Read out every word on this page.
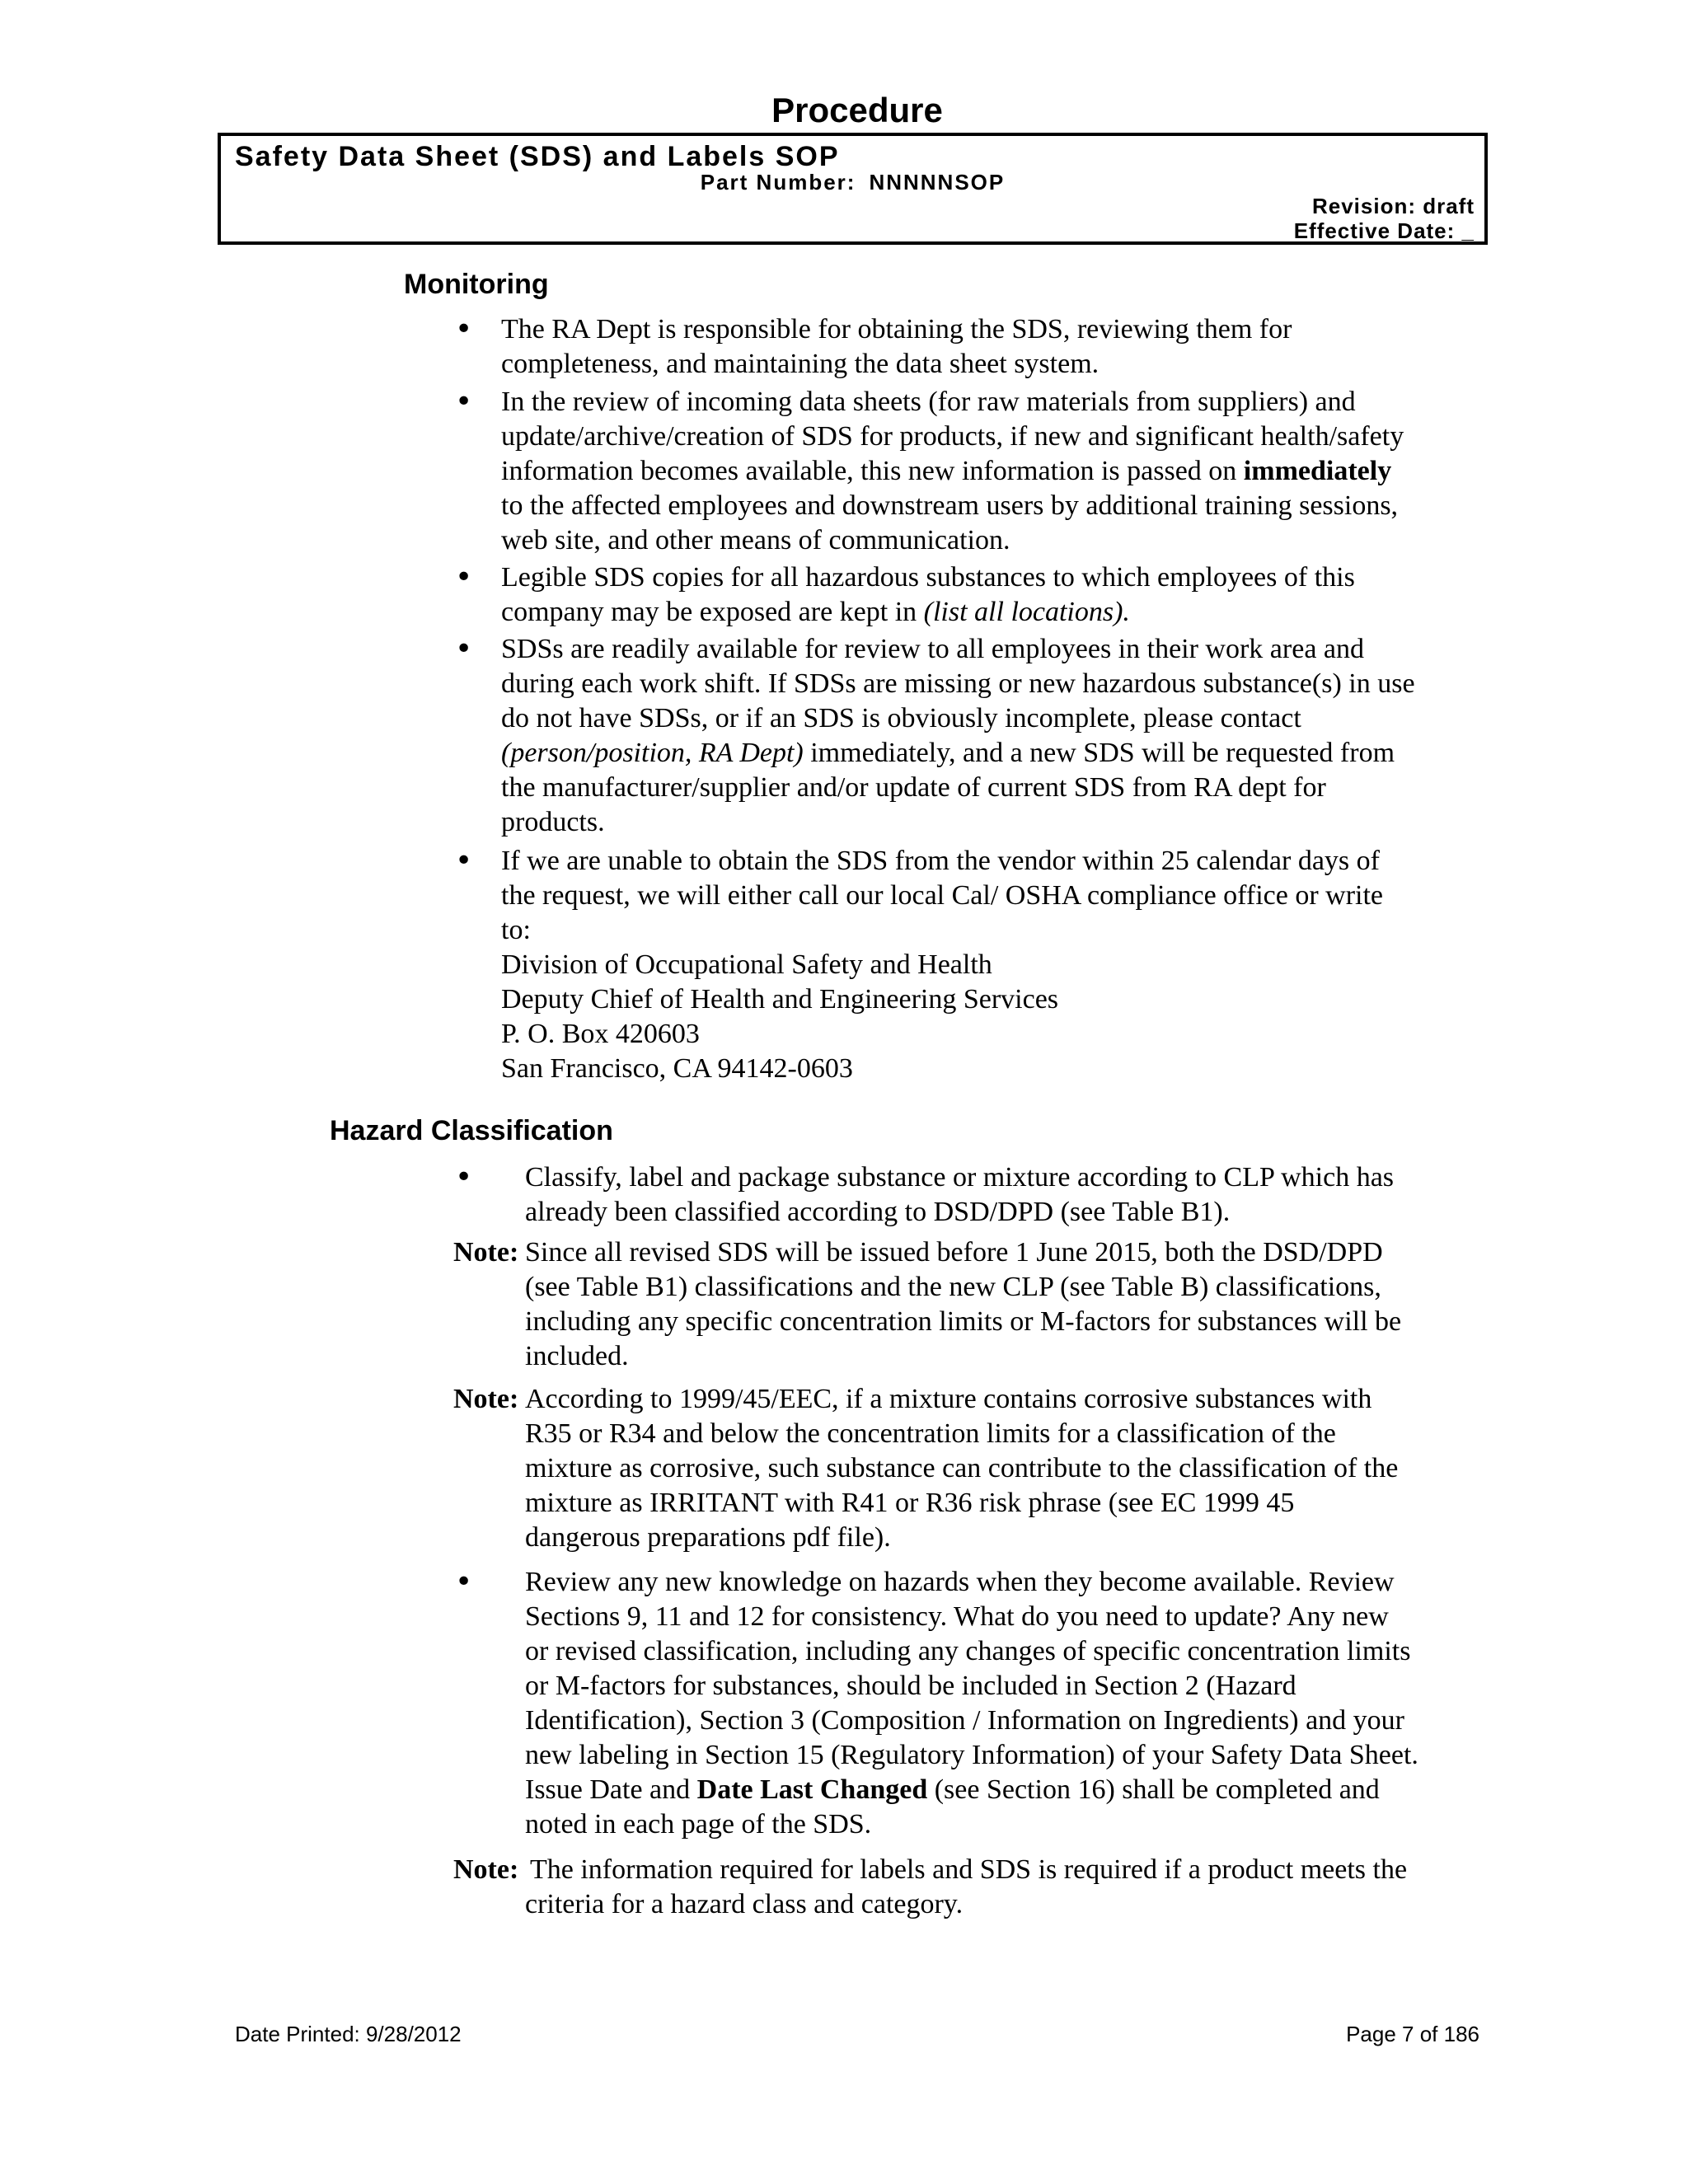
Procedure
Safety Data Sheet (SDS) and Labels SOP
Part Number: NNNNNSOP
Revision: draft
Effective Date: _
Monitoring
• The RA Dept is responsible for obtaining the SDS, reviewing them for

completeness, and maintaining the data sheet system.

• In the review of incoming data sheets (for raw materials from suppliers) and

update/archive/creation of SDS for products, if new and significant health/safety

information becomes available, this new information is passed on immediately

to the affected employees and downstream users by additional training sessions,

web site, and other means of communication.

• Legible SDS copies for all hazardous substances to which employees of this

company may be exposed are kept in (list all locations).

• SDSs are readily available for review to all employees in their work area and

during each work shift. If SDSs are missing or new hazardous substance(s) in use

do not have SDSs, or if an SDS is obviously incomplete, please contact

(person/position, RA Dept) immediately, and a new SDS will be requested from

the manufacturer/supplier and/or update of current SDS from RA dept for

products.

• If we are unable to obtain the SDS from the vendor within 25 calendar days of

the request, we will either call our local Cal/ OSHA compliance office or write

to:

Division of Occupational Safety and Health

Deputy Chief of Health and Engineering Services

P. O. Box 420603

San Francisco, CA 94142-0603

Hazard Classification
• Classify, label and package substance or mixture according to CLP which has

already been classified according to DSD/DPD (see Table B1).

Note: Since all revised SDS will be issued before 1 June 2015, both the DSD/DPD

(see Table B1) classifications and the new CLP (see Table B) classifications,

including any specific concentration limits or M-factors for substances will be

included.

Note: According to 1999/45/EEC, if a mixture contains corrosive substances with

R35 or R34 and below the concentration limits for a classification of the

mixture as corrosive, such substance can contribute to the classification of the

mixture as IRRITANT with R41 or R36 risk phrase (see EC 1999 45

dangerous preparations pdf file).

• Review any new knowledge on hazards when they become available. Review

Sections 9, 11 and 12 for consistency. What do you need to update? Any new

or revised classification, including any changes of specific concentration limits

or M-factors for substances, should be included in Section 2 (Hazard

Identification), Section 3 (Composition / Information on Ingredients) and your

new labeling in Section 15 (Regulatory Information) of your Safety Data Sheet.

Issue Date and Date Last Changed (see Section 16) shall be completed and

noted in each page of the SDS.

Note: The information required for labels and SDS is required if a product meets the

criteria for a hazard class and category.

Date Printed: 9/28/2012	Page 7 of 186
